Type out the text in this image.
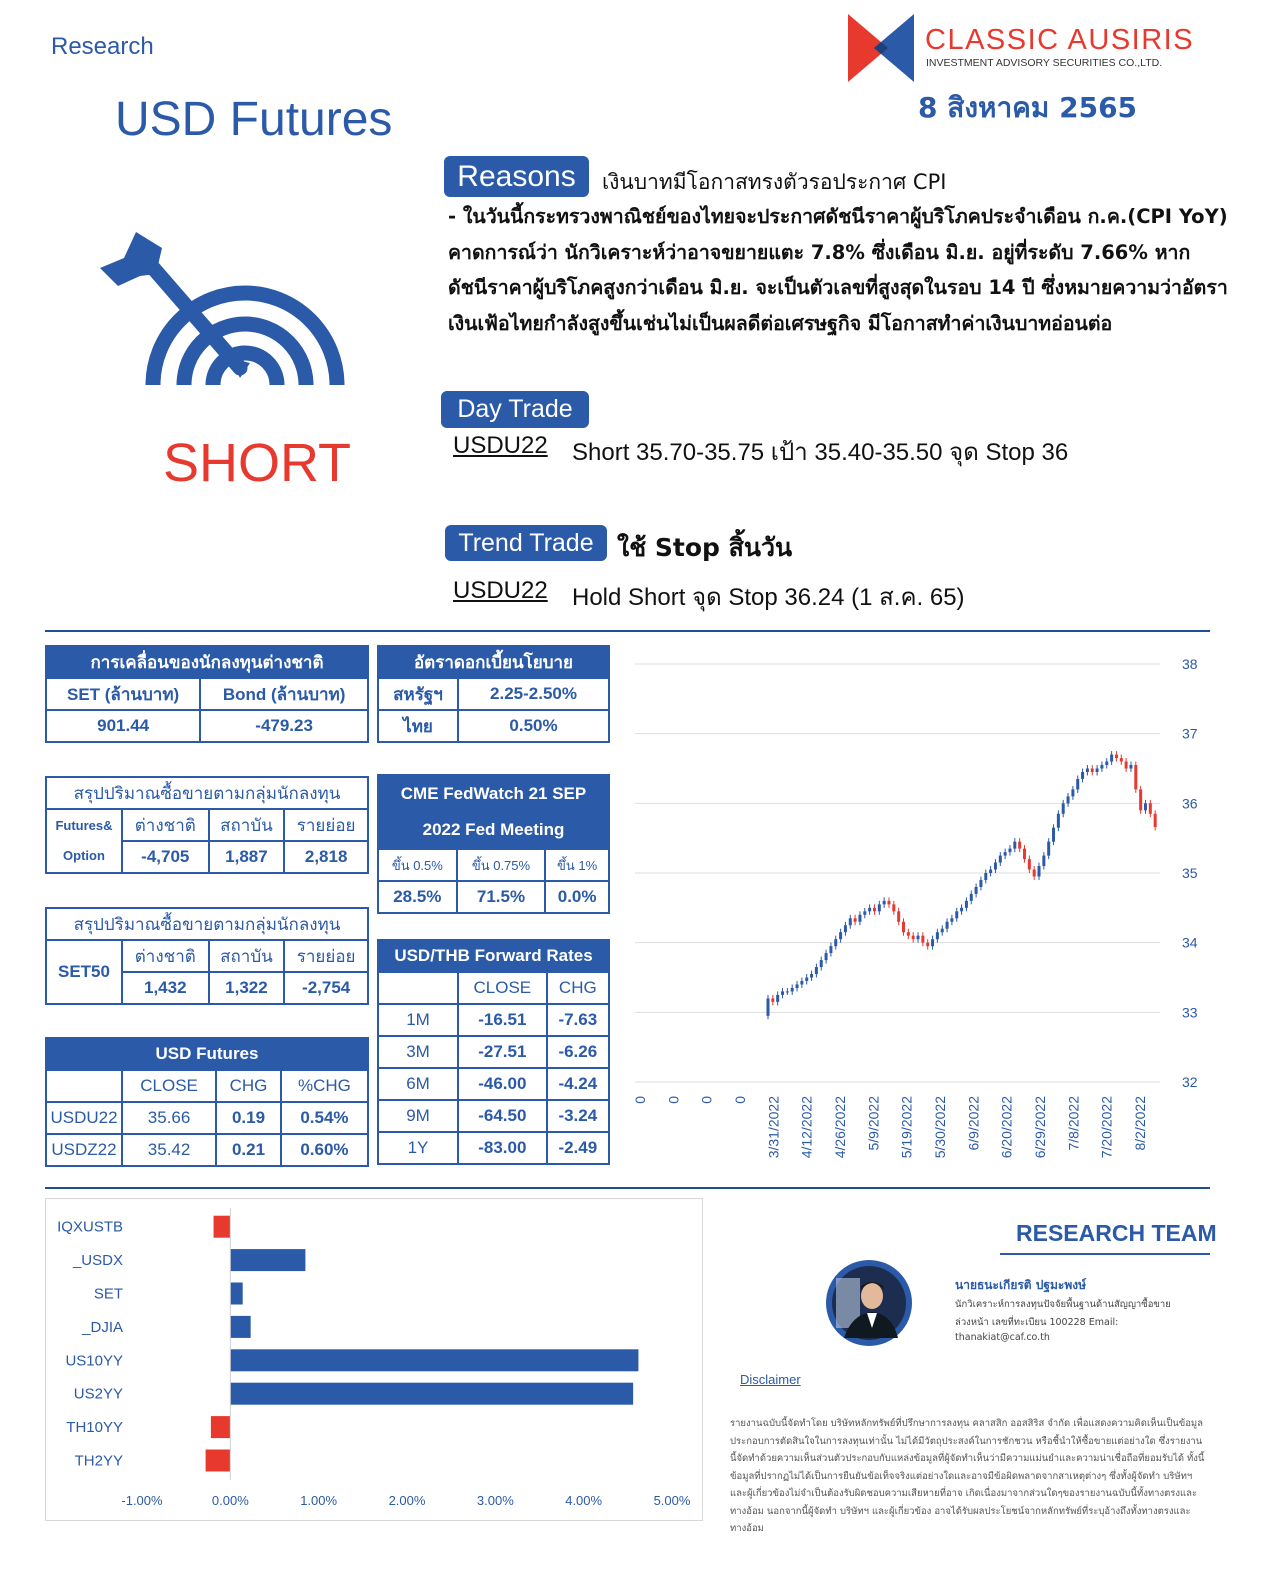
Research
USD Futures
CLASSIC AUSIRIS
INVESTMENT ADVISORY SECURITIES CO.,LTD.
8 สิงหาคม 2565
SHORT
Reasons	เงินบาทมีโอกาสทรงตัวรอประกาศ CPI
- ในวันนี้กระทรวงพาณิชย์ของไทยจะประกาศดัชนีราคาผู้บริโภคประจำเดือน ก.ค.(CPI YoY) คาดการณ์ว่า นักวิเคราะห์ว่าอาจขยายแตะ 7.8% ซึ่งเดือน มิ.ย. อยู่ที่ระดับ 7.66% หากดัชนีราคาผู้บริโภคสูงกว่าเดือน มิ.ย. จะเป็นตัวเลขที่สูงสุดในรอบ 14 ปี ซึ่งหมายความว่าอัตราเงินเฟ้อไทยกำลังสูงขึ้นเช่นไม่เป็นผลดีต่อเศรษฐกิจ มีโอกาสทำค่าเงินบาทอ่อนต่อ
Day Trade
USDU22 Short 35.70-35.75 เป้า 35.40-35.50 จุด Stop 36
Trend Trade ใช้ Stop สิ้นวัน
USDU22 Hold Short จุด Stop 36.24 (1 ส.ค. 65)
การเคลื่อนของนักลงทุนต่างชาติ	
SET (ล้านบาท)	Bond (ล้านบาท)
901.44	-479.23
อัตราดอกเบี้ยนโยบาย	
สหรัฐฯ	2.25-2.50%
ไทย	0.50%
สรุปปริมาณซื้อขายตามกลุ่มนักลงทุน			
Futures&
Option	ต่างชาติ	สถาบัน	รายย่อย
	-4,705	1,887	2,818
CME FedWatch 21 SEP
2022 Fed Meeting		
ขึ้น 0.5%	ขึ้น 0.75%	ขึ้น 1%
28.5%	71.5%	0.0%
สรุปปริมาณซื้อขายตามกลุ่มนักลงทุน			
SET50	ต่างชาติ	สถาบัน	รายย่อย
	1,432	1,322	-2,754
USD/THB Forward Rates		
	CLOSE	CHG
1M	-16.51	-7.63
3M	-27.51	-6.26
6M	-46.00	-4.24
9M	-64.50	-3.24
1Y	-83.00	-2.49
USD Futures			
	CLOSE	CHG	%CHG
USDU22	35.66	0.19	0.54%
USDZ22	35.42	0.21	0.60%
38
37
36
35
34
33
32
0 0 0 0 3/31/2022 4/12/2022 4/26/2022 5/9/2022 5/19/2022 5/30/2022 6/9/2022 6/20/2022 6/29/2022 7/8/2022 7/20/2022 8/2/2022
IQXUSTB
_USDX
SET
_DJIA
US10YY
US2YY
TH10YY
TH2YY
-1.00%	0.00%	1.00%	2.00%	3.00%	4.00%	5.00%
RESEARCH TEAM
นายธนะเกียรติ ปฐมะพงษ์
นักวิเคราะห์การลงทุนปัจจัยพื้นฐานด้านสัญญาซื้อขาย
ล่วงหน้า เลขที่ทะเบียน 100228 Email:
thanakiat@caf.co.th
Disclaimer
รายงานฉบับนี้จัดทำโดย บริษัทหลักทรัพย์ที่ปรึกษาการลงทุน คลาสสิก ออสสิริส จำกัด เพื่อแสดงความคิดเห็นเป็นข้อมูลประกอบการตัดสินใจในการลงทุนเท่านั้น ไม่ได้มีวัตถุประสงค์ในการชักชวน หรือชี้นำให้ซื้อขายแต่อย่างใด ซึ่งรายงานนี้จัดทำด้วยความเห็นส่วนตัวประกอบกับแหล่งข้อมูลที่ผู้จัดทำเห็นว่ามีความแม่นยำและความน่าเชื่อถือที่ยอมรับได้ ทั้งนี้ข้อมูลที่ปรากฏไม่ได้เป็นการยืนยันข้อเท็จจริงแต่อย่างใดและอาจมีข้อผิดพลาดจากสาเหตุต่างๆ ซึ่งทั้งผู้จัดทำ บริษัทฯ และผู้เกี่ยวข้องไม่จำเป็นต้องรับผิดชอบความเสียหายที่อาจ เกิดเนื่องมาจากส่วนใดๆของรายงานฉบับนี้ทั้งทางตรงและทางอ้อม นอกจากนี้ผู้จัดทำ บริษัทฯ และผู้เกี่ยวข้อง อาจได้รับผลประโยชน์จากหลักทรัพย์ที่ระบุอ้างถึงทั้งทางตรงและทางอ้อม
